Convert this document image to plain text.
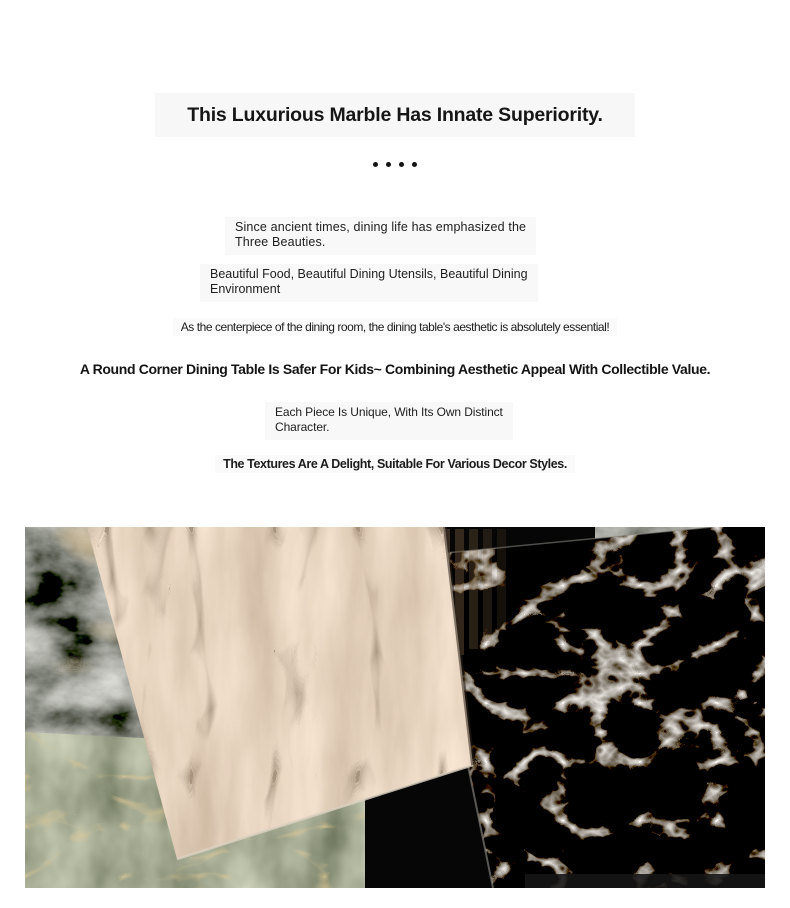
This Luxurious Marble Has Innate Superiority.
Since ancient times, dining life has emphasized the
Three Beauties.
Beautiful Food, Beautiful Dining Utensils, Beautiful Dining
Environment
As the centerpiece of the dining room, the dining table's aesthetic is absolutely essential!
A Round Corner Dining Table Is Safer For Kids~ Combining Aesthetic Appeal With Collectible Value.
Each Piece Is Unique, With Its Own Distinct
Character.
The Textures Are A Delight, Suitable For Various Decor Styles.
